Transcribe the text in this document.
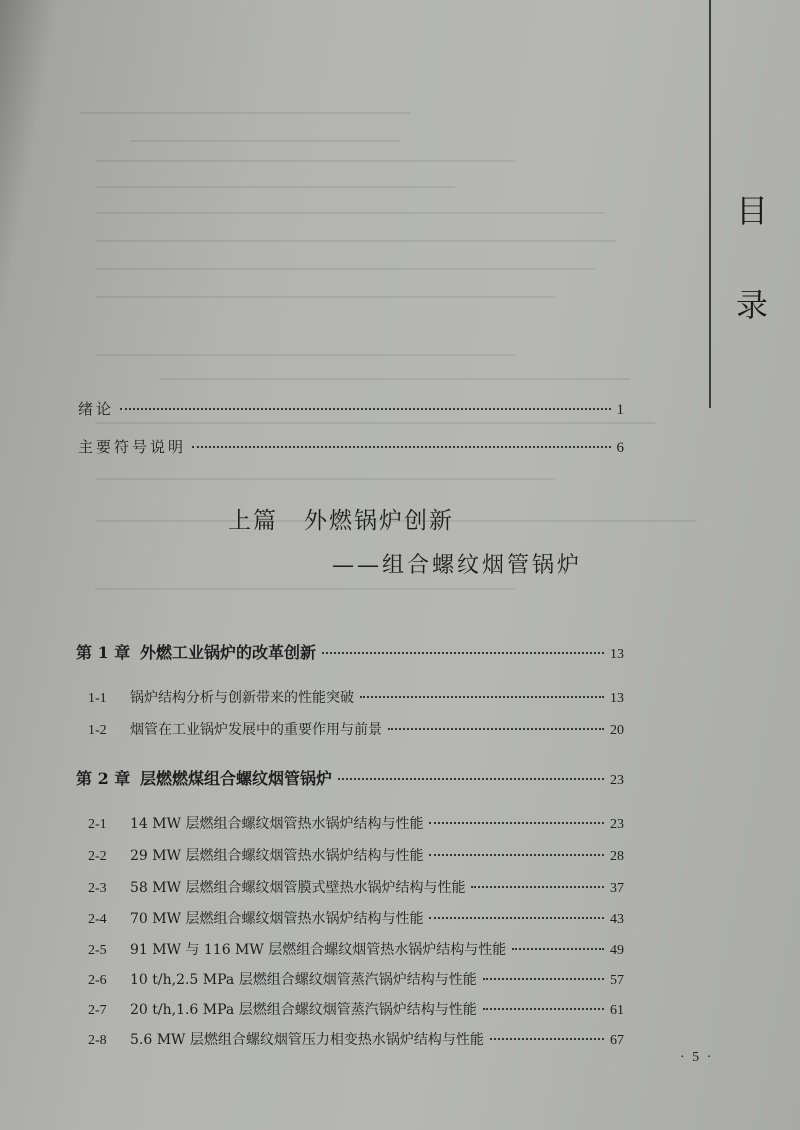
目
录
绪论	1
主要符号说明	6
上篇 外燃锅炉创新
——组合螺纹烟管锅炉
第 1 章 外燃工业锅炉的改革创新	13
1-1 锅炉结构分析与创新带来的性能突破	13
1-2 烟管在工业锅炉发展中的重要作用与前景	20
第 2 章 层燃燃煤组合螺纹烟管锅炉	23
2-1 14 MW 层燃组合螺纹烟管热水锅炉结构与性能	23
2-2 29 MW 层燃组合螺纹烟管热水锅炉结构与性能	28
2-3 58 MW 层燃组合螺纹烟管膜式壁热水锅炉结构与性能	37
2-4 70 MW 层燃组合螺纹烟管热水锅炉结构与性能	43
2-5 91 MW 与 116 MW 层燃组合螺纹烟管热水锅炉结构与性能	49
2-6 10 t/h,2.5 MPa 层燃组合螺纹烟管蒸汽锅炉结构与性能	57
2-7 20 t/h,1.6 MPa 层燃组合螺纹烟管蒸汽锅炉结构与性能	61
2-8 5.6 MW 层燃组合螺纹烟管压力相变热水锅炉结构与性能	67
· 5 ·
